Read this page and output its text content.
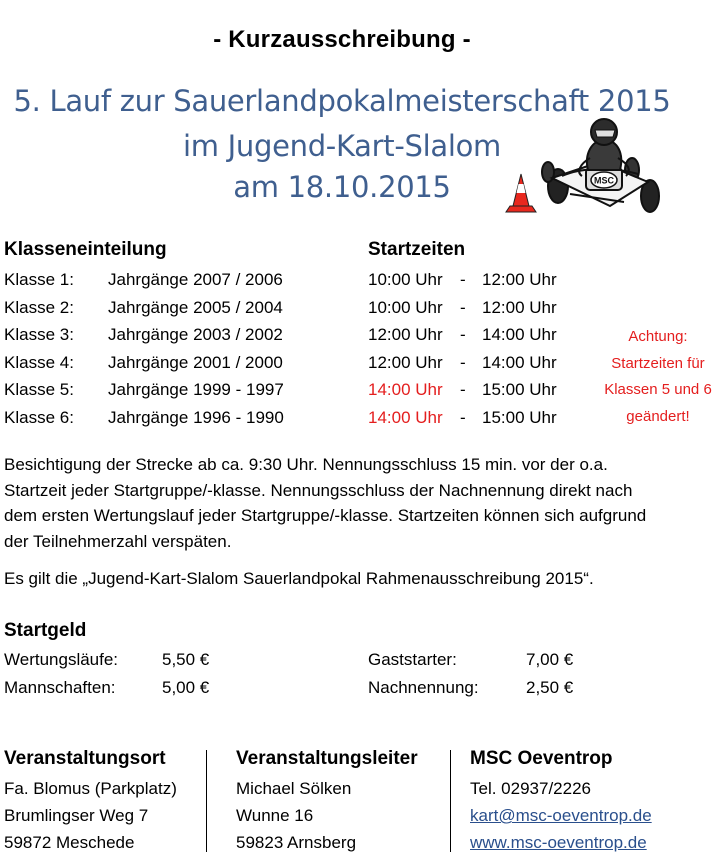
- Kurzausschreibung -
5. Lauf zur Sauerlandpokalmeisterschaft 2015
im Jugend-Kart-Slalom
am 18.10.2015	MSC
Klasseneinteilung	Startzeiten
Klasse 1: Jahrgänge 2007 / 2006	10:00 Uhr - 12:00 Uhr
Klasse 2: Jahrgänge 2005 / 2004	10:00 Uhr - 12:00 Uhr
Klasse 3: Jahrgänge 2003 / 2002	12:00 Uhr - 14:00 Uhr
Klasse 4: Jahrgänge 2001 / 2000	12:00 Uhr - 14:00 Uhr
Klasse 5: Jahrgänge 1999 - 1997	14:00 Uhr - 15:00 Uhr
Klasse 6: Jahrgänge 1996 - 1990	14:00 Uhr - 15:00 Uhr
Achtung:
Startzeiten für
Klassen 5 und 6
geändert!
Besichtigung der Strecke ab ca. 9:30 Uhr. Nennungsschluss 15 min. vor der o.a.
Startzeit jeder Startgruppe/-klasse. Nennungsschluss der Nachnennung direkt nach
dem ersten Wertungslauf jeder Startgruppe/-klasse. Startzeiten können sich aufgrund
der Teilnehmerzahl verspäten.
Es gilt die „Jugend-Kart-Slalom Sauerlandpokal Rahmenausschreibung 2015“.
Startgeld
Wertungsläufe:	5,50 €
Mannschaften:	5,00 €
Gaststarter:	7,00 €
Nachnennung:	2,50 €
Veranstaltungsort
Fa. Blomus (Parkplatz)
Brumlingser Weg 7
59872 Meschede
Veranstaltungsleiter
Michael Sölken
Wunne 16
59823 Arnsberg
MSC Oeventrop
Tel. 02937/2226
kart@msc-oeventrop.de
www.msc-oeventrop.de
